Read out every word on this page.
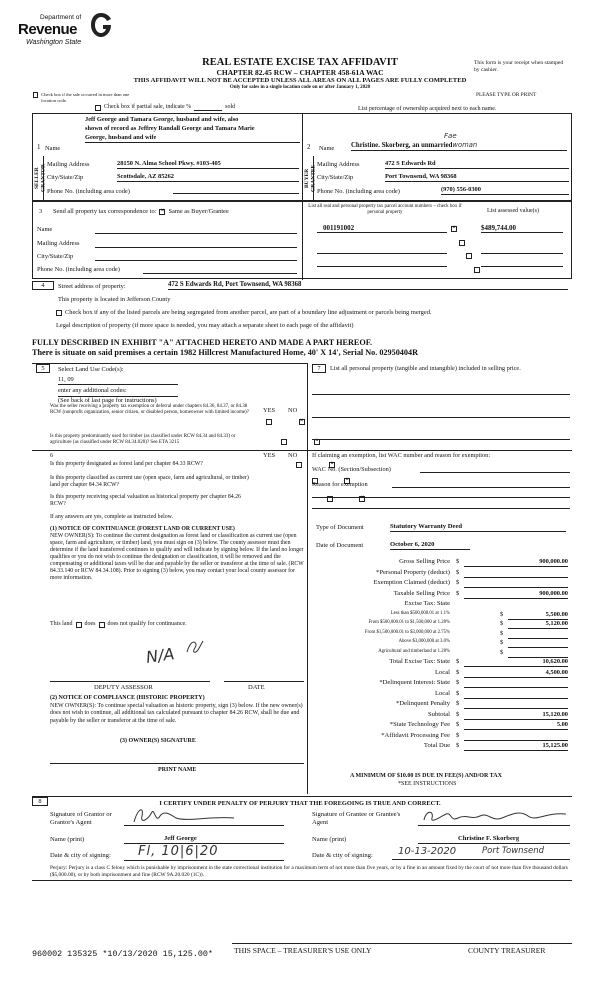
Department of
Revenue
Washington State
REAL ESTATE EXCISE TAX AFFIDAVIT
CHAPTER 82.45 RCW – CHAPTER 458-61A WAC
THIS AFFIDAVIT WILL NOT BE ACCEPTED UNLESS ALL AREAS ON ALL PAGES ARE FULLY COMPLETED
Only for sales in a single location code on or after January 1, 2020
This form is your receipt when stamped by cashier.
PLEASE TYPE OR PRINT
Check box if the sale occurred in more than one location code.
Check box if partial sale, indicate %	sold	List percentage of ownership acquired next to each name.
1 Name
Jeff George and Tamara George, husband and wife, also
shown of record as Jeffrey Randall George and Tamara Marie
George, husband and wife
SELLER GRANTOR Mailing Address	28150 N. Alma School Pkwy. #103-405
City/State/Zip	Scottsdale, AZ 85262
Phone No. (including area code)
2 Name
Fae
Christine. Skorberg, an unmarriedwoman
BUYER GRANTEE Mailing Address	472 S Edwards Rd
City/State/Zip	Port Townsend, WA 98368
Phone No. (including area code)	(970) 556-0300
3 Send all property tax correspondence to: × Same as Buyer/Grantee
Name
Mailing Address
City/State/Zip
Phone No. (including area code)
List all real and personal property tax parcel account numbers – check box if personal property	List assessed value(s)
001191002 ×	$489,744.00

4	Street address of property:	472 S Edwards Rd, Port Townsend, WA 98368
This property is located in Jefferson County
Check box if any of the listed parcels are being segregated from another parcel, are part of a boundary line adjustment or parcels being merged.
Legal description of property (if more space is needed, you may attach a separate sheet to each page of the affidavit)
FULLY DESCRIBED IN EXHIBIT "A" ATTACHED HERETO AND MADE A PART HEREOF.
There is situate on said premises a certain 1982 Hillcrest Manufactured Home, 40' X 14', Serial No. 02950404R
5	Select Land Use Code(s):
11, 09
enter any additional codes:
(See back of last page for instructions)
YES NO
Was the seller receiving a property tax exemption or deferral under chapters 84.36, 84.37, or 84.38 RCW (nonprofit organization, senior citizen, or disabled person, homeowner with limited income)?
×
Is this property predominantly used for timber (as classified under RCW 84.34 and 84.33) or agriculture (as classified under RCW 84.34.020)? See ETA 3215
×
6	YES NO
Is this property designated as forest land per chapter 84.33 RCW?
×
Is this property classified as current use (open space, farm and agricultural, or timber) land per chapter 84.34 RCW?
×
Is this property receiving special valuation as historical property per chapter 84.26 RCW?
×
If any answers are yes, complete as instructed below.
(1) NOTICE OF CONTINUANCE (FOREST LAND OR CURRENT USE)
NEW OWNER(S): To continue the current designation as forest land or classification as current use (open space, farm and agriculture, or timber) land, you must sign on (3) below. The county assessor must then determine if the land transferred continues to qualify and will indicate by signing below. If the land no longer qualifies or you do not wish to continue the designation or classification, it will be removed and the compensating or additional taxes will be due and payable by the seller or transferor at the time of sale. (RCW 84.33.140 or RCW 84.34.108). Prior to signing (3) below, you may contact your local county assessor for more information.
This land does does not qualify for continuance.
N/A
DEPUTY ASSESSOR	DATE
(2) NOTICE OF COMPLIANCE (HISTORIC PROPERTY)
NEW OWNER(S): To continue special valuation as historic property, sign (3) below. If the new owner(s) does not wish to continue, all additional tax calculated pursuant to chapter 84.26 RCW, shall be due and payable by the seller or transferor at the time of sale.
(3) OWNER(S) SIGNATURE
PRINT NAME
7	List all personal property (tangible and intangible) included in selling price.
If claiming an exemption, list WAC number and reason for exemption:
WAC No. (Section/Subsection)
Reason for exemption
Type of Document	Statutory Warranty Deed
Date of Document	October 6, 2020
Gross Selling Price $	900,000.00
*Personal Property (deduct) $
Exemption Claimed (deduct) $
Taxable Selling Price $	900,000.00
Excise Tax: State
Less than $500,000.01 at 1.1%	$	5,500.00
From $500,000.01 to $1,500,000 at 1.28%	$	5,120.00
From $1,500,000.01 to $3,000,000 at 2.75%	$
Above $3,000,000 at 3.0%	$
Agricultural and timberland at 1.28%	$
Total Excise Tax: State $	10,620.00
Local $	4,500.00
*Delinquent Interest: State $
Local $
*Delinquent Penalty $
Subtotal $	15,120.00
*State Technology Fee $	5.00
*Affidavit Processing Fee $
Total Due $	15,125.00
A MINIMUM OF $10.00 IS DUE IN FEE(S) AND/OR TAX
*SEE INSTRUCTIONS
8	I CERTIFY UNDER PENALTY OF PERJURY THAT THE FOREGOING IS TRUE AND CORRECT.
Signature of Grantor or Grantor's Agent
Signature of Grantee or Grantee's Agent
Name (print)	Jeff George	Name (print)	Christine F. Skorberg
Date & city of signing:	Fl, 10|6|20	Date & city of signing:	10-13-2020	Port Townsend
Perjury: Perjury is a class C felony which is punishable by imprisonment in the state correctional institution for a maximum term of not more than five years, or by a fine in an amount fixed by the court of not more than five thousand dollars ($5,000.00), or by both imprisonment and fine (RCW 9A.20.020 (1C)).
960002 135325 *10/13/2020 15,125.00*	THIS SPACE – TREASURER'S USE ONLY	COUNTY TREASURER
